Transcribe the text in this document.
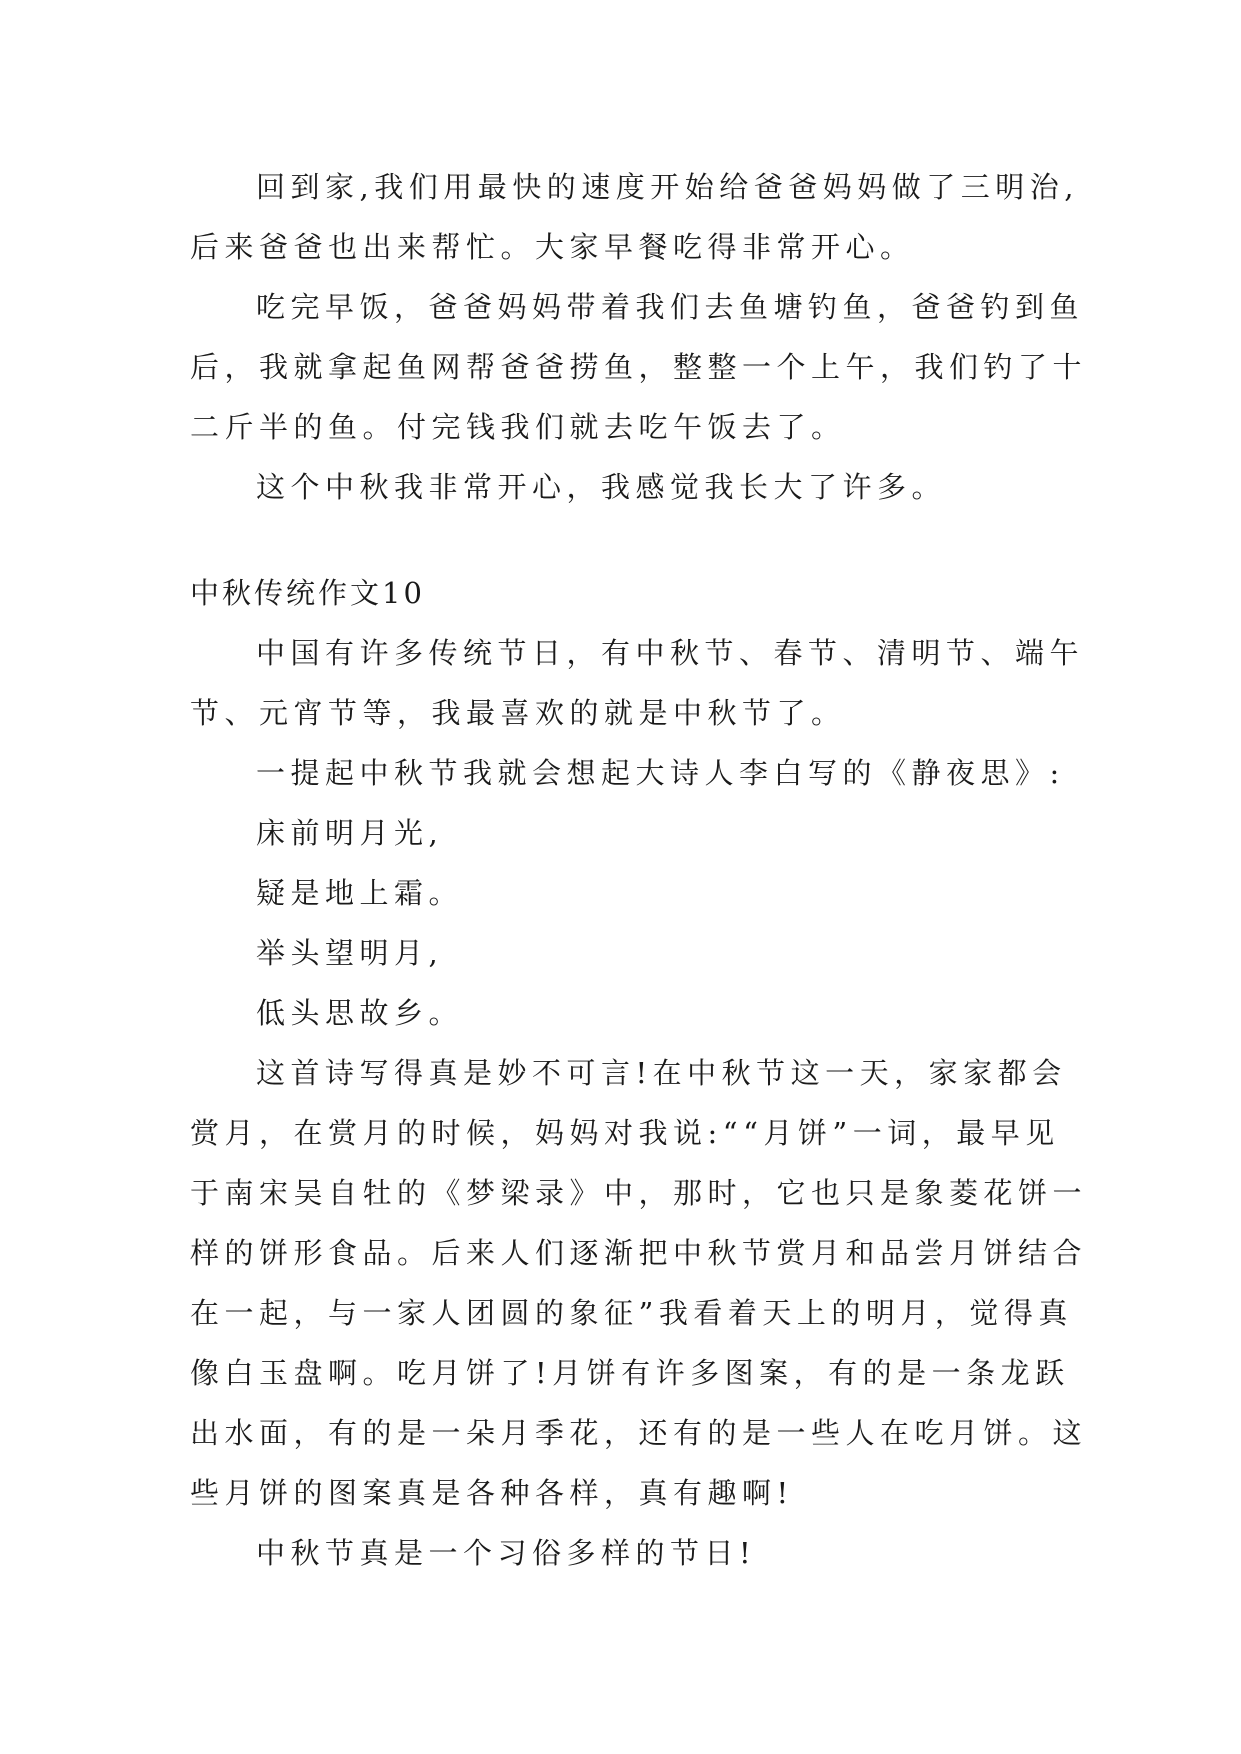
回到家,我们用最快的速度开始给爸爸妈妈做了三明治,
后来爸爸也出来帮忙。大家早餐吃得非常开心。
吃完早饭，爸爸妈妈带着我们去鱼塘钓鱼，爸爸钓到鱼
后，我就拿起鱼网帮爸爸捞鱼，整整一个上午，我们钓了十
二斤半的鱼。付完钱我们就去吃午饭去了。
这个中秋我非常开心，我感觉我长大了许多。
中秋传统作文10
中国有许多传统节日，有中秋节、春节、清明节、端午
节、元宵节等，我最喜欢的就是中秋节了。
一提起中秋节我就会想起大诗人李白写的《静夜思》:
床前明月光,
疑是地上霜。
举头望明月,
低头思故乡。
这首诗写得真是妙不可言!在中秋节这一天，家家都会
赏月，在赏月的时候，妈妈对我说:““月饼”一词，最早见
于南宋吴自牡的《梦梁录》中，那时，它也只是象菱花饼一
样的饼形食品。后来人们逐渐把中秋节赏月和品尝月饼结合
在一起，与一家人团圆的象征”我看着天上的明月，觉得真
像白玉盘啊。吃月饼了!月饼有许多图案，有的是一条龙跃
出水面，有的是一朵月季花，还有的是一些人在吃月饼。这
些月饼的图案真是各种各样，真有趣啊!
中秋节真是一个习俗多样的节日!
